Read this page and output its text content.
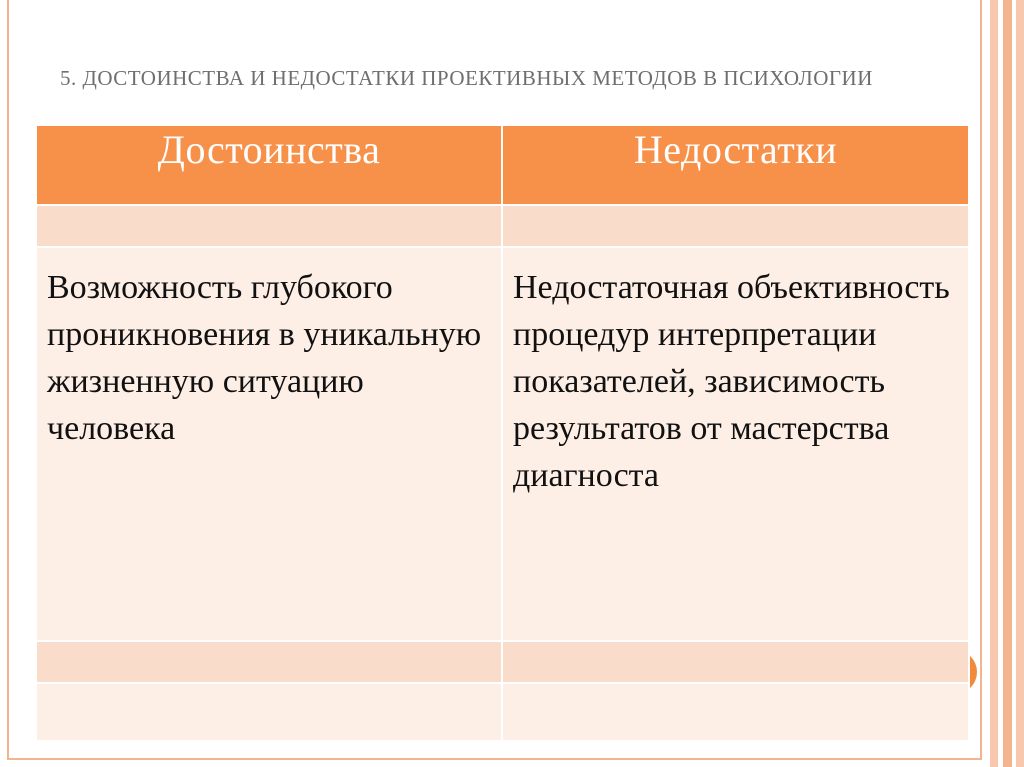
5. ДОСТОИНСТВА И НЕДОСТАТКИ ПРОЕКТИВНЫХ МЕТОДОВ В ПСИХОЛОГИИ
Достоинства	Недостатки

Возможность глубокого проникновения в уникальную жизненную ситуацию человека	Недостаточная объективность процедур интерпретации показателей, зависимость результатов от мастерства диагноста
